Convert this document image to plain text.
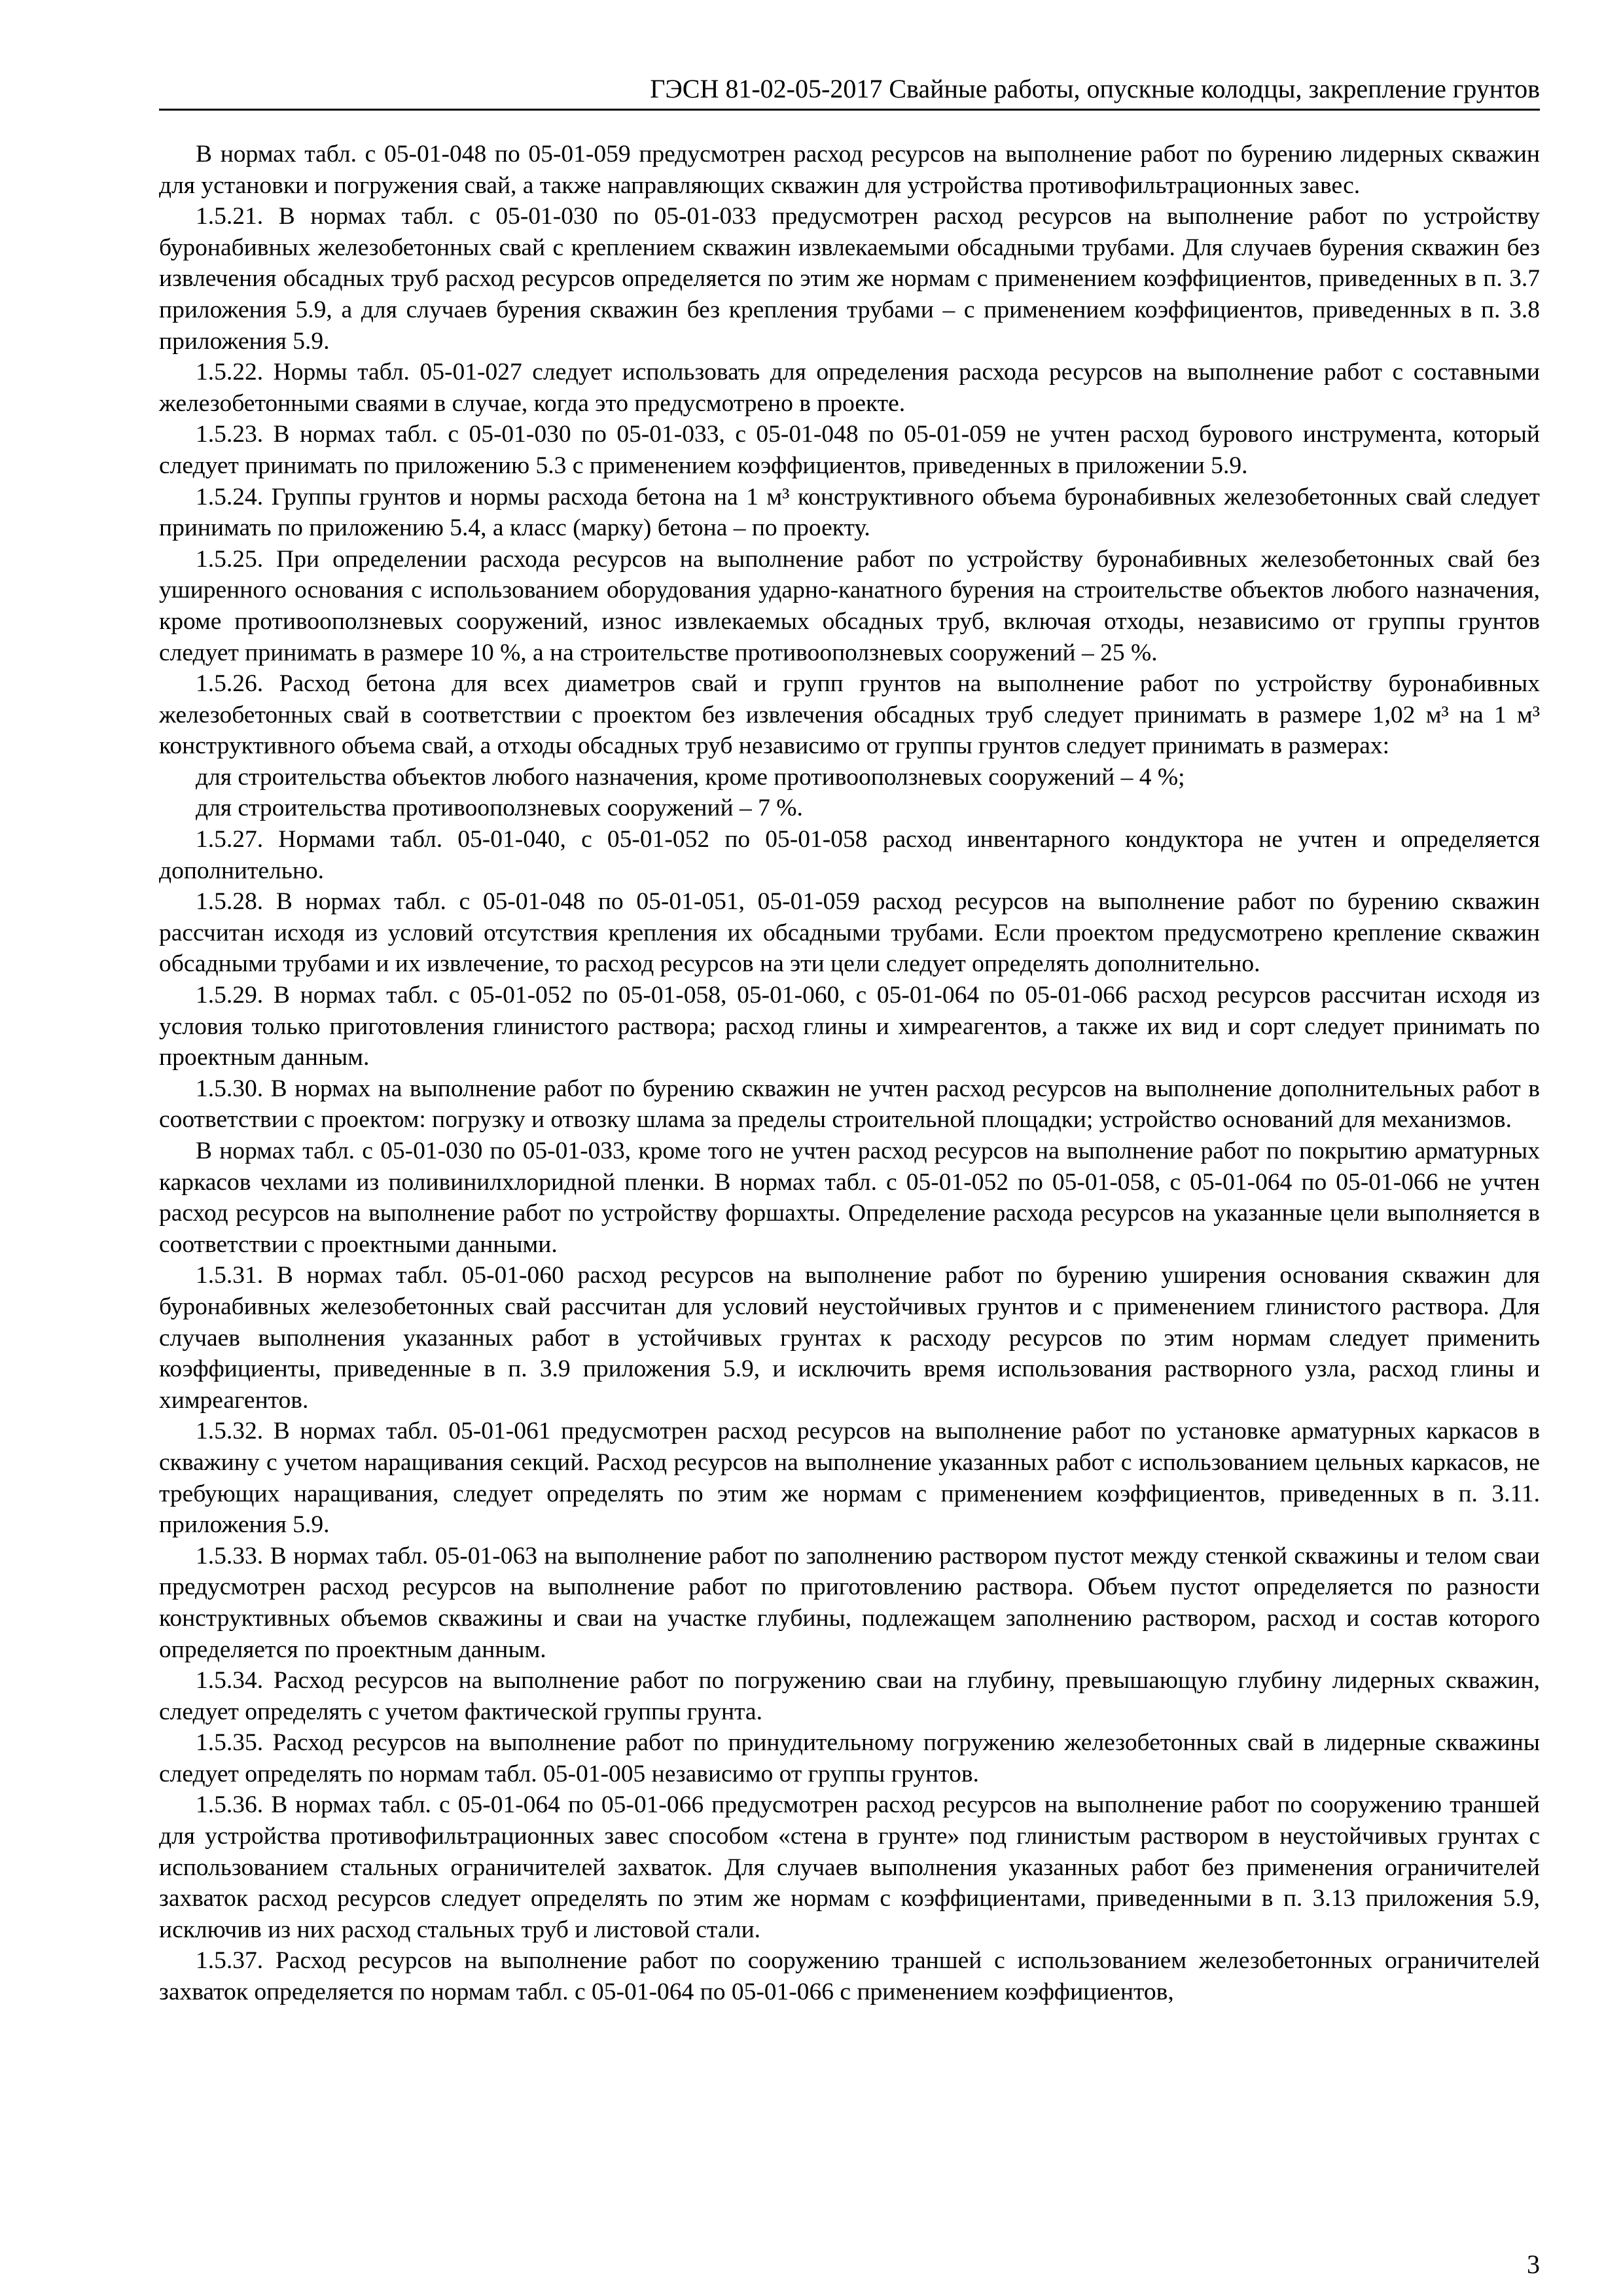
ГЭСН 81-02-05-2017 Свайные работы, опускные колодцы, закрепление грунтов

В нормах табл. с 05-01-048 по 05-01-059 предусмотрен расход ресурсов на выполнение работ по бурению лидерных скважин для установки и погружения свай, а также направляющих скважин для устройства противофильтрационных завес.

1.5.21. В нормах табл. с 05-01-030 по 05-01-033 предусмотрен расход ресурсов на выполнение работ по устройству буронабивных железобетонных свай с креплением скважин извлекаемыми обсадными трубами. Для случаев бурения скважин без извлечения обсадных труб расход ресурсов определяется по этим же нормам с применением коэффициентов, приведенных в п. 3.7 приложения 5.9, а для случаев бурения скважин без крепления трубами – с применением коэффициентов, приведенных в п. 3.8 приложения 5.9.

1.5.22. Нормы табл. 05-01-027 следует использовать для определения расхода ресурсов на выполнение работ с составными железобетонными сваями в случае, когда это предусмотрено в проекте.

1.5.23. В нормах табл. с 05-01-030 по 05-01-033, с 05-01-048 по 05-01-059 не учтен расход бурового инструмента, который следует принимать по приложению 5.3 с применением коэффициентов, приведенных в приложении 5.9.

1.5.24. Группы грунтов и нормы расхода бетона на 1 м³ конструктивного объема буронабивных железобетонных свай следует принимать по приложению 5.4, а класс (марку) бетона – по проекту.

1.5.25. При определении расхода ресурсов на выполнение работ по устройству буронабивных железобетонных свай без уширенного основания с использованием оборудования ударно-канатного бурения на строительстве объектов любого назначения, кроме противооползневых сооружений, износ извлекаемых обсадных труб, включая отходы, независимо от группы грунтов следует принимать в размере 10 %, а на строительстве противооползневых сооружений – 25 %.

1.5.26. Расход бетона для всех диаметров свай и групп грунтов на выполнение работ по устройству буронабивных железобетонных свай в соответствии с проектом без извлечения обсадных труб следует принимать в размере 1,02 м³ на 1 м³ конструктивного объема свай, а отходы обсадных труб независимо от группы грунтов следует принимать в размерах:

для строительства объектов любого назначения, кроме противооползневых сооружений – 4 %;

для строительства противооползневых сооружений – 7 %.

1.5.27. Нормами табл. 05-01-040, с 05-01-052 по 05-01-058 расход инвентарного кондуктора не учтен и определяется дополнительно.

1.5.28. В нормах табл. с 05-01-048 по 05-01-051, 05-01-059 расход ресурсов на выполнение работ по бурению скважин рассчитан исходя из условий отсутствия крепления их обсадными трубами. Если проектом предусмотрено крепление скважин обсадными трубами и их извлечение, то расход ресурсов на эти цели следует определять дополнительно.

1.5.29. В нормах табл. с 05-01-052 по 05-01-058, 05-01-060, с 05-01-064 по 05-01-066 расход ресурсов рассчитан исходя из условия только приготовления глинистого раствора; расход глины и химреагентов, а также их вид и сорт следует принимать по проектным данным.

1.5.30. В нормах на выполнение работ по бурению скважин не учтен расход ресурсов на выполнение дополнительных работ в соответствии с проектом: погрузку и отвозку шлама за пределы строительной площадки; устройство оснований для механизмов.

В нормах табл. с 05-01-030 по 05-01-033, кроме того не учтен расход ресурсов на выполнение работ по покрытию арматурных каркасов чехлами из поливинилхлоридной пленки. В нормах табл. с 05-01-052 по 05-01-058, с 05-01-064 по 05-01-066 не учтен расход ресурсов на выполнение работ по устройству форшахты. Определение расхода ресурсов на указанные цели выполняется в соответствии с проектными данными.

1.5.31. В нормах табл. 05-01-060 расход ресурсов на выполнение работ по бурению уширения основания скважин для буронабивных железобетонных свай рассчитан для условий неустойчивых грунтов и с применением глинистого раствора. Для случаев выполнения указанных работ в устойчивых грунтах к расходу ресурсов по этим нормам следует применить коэффициенты, приведенные в п. 3.9 приложения 5.9, и исключить время использования растворного узла, расход глины и химреагентов.

1.5.32. В нормах табл. 05-01-061 предусмотрен расход ресурсов на выполнение работ по установке арматурных каркасов в скважину с учетом наращивания секций. Расход ресурсов на выполнение указанных работ с использованием цельных каркасов, не требующих наращивания, следует определять по этим же нормам с применением коэффициентов, приведенных в п. 3.11. приложения 5.9.

1.5.33. В нормах табл. 05-01-063 на выполнение работ по заполнению раствором пустот между стенкой скважины и телом сваи предусмотрен расход ресурсов на выполнение работ по приготовлению раствора. Объем пустот определяется по разности конструктивных объемов скважины и сваи на участке глубины, подлежащем заполнению раствором, расход и состав которого определяется по проектным данным.

1.5.34. Расход ресурсов на выполнение работ по погружению сваи на глубину, превышающую глубину лидерных скважин, следует определять с учетом фактической группы грунта.

1.5.35. Расход ресурсов на выполнение работ по принудительному погружению железобетонных свай в лидерные скважины следует определять по нормам табл. 05-01-005 независимо от группы грунтов.

1.5.36. В нормах табл. с 05-01-064 по 05-01-066 предусмотрен расход ресурсов на выполнение работ по сооружению траншей для устройства противофильтрационных завес способом «стена в грунте» под глинистым раствором в неустойчивых грунтах с использованием стальных ограничителей захваток. Для случаев выполнения указанных работ без применения ограничителей захваток расход ресурсов следует определять по этим же нормам с коэффициентами, приведенными в п. 3.13 приложения 5.9, исключив из них расход стальных труб и листовой стали.

1.5.37. Расход ресурсов на выполнение работ по сооружению траншей с использованием железобетонных ограничителей захваток определяется по нормам табл. с 05-01-064 по 05-01-066 с применением коэффициентов,

3
